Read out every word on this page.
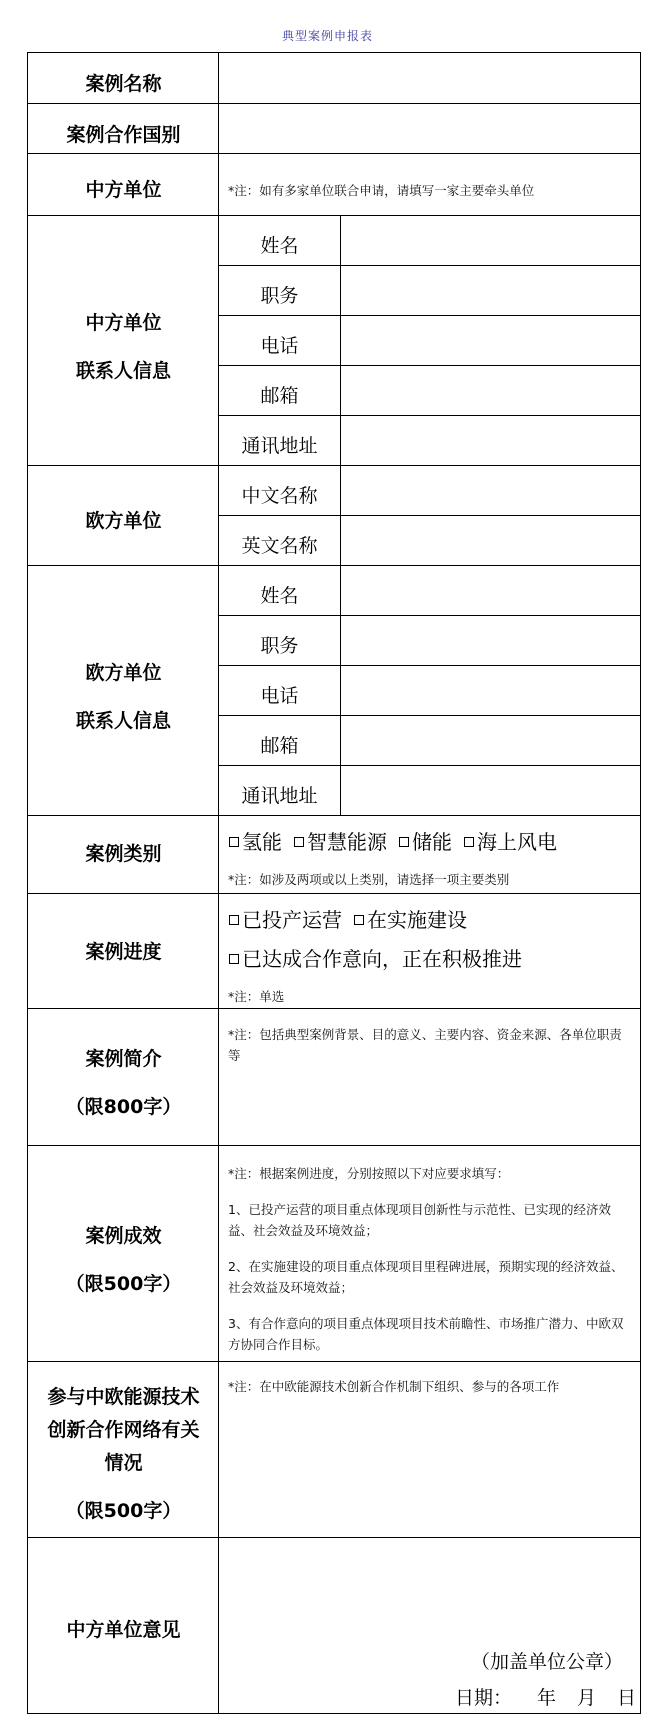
典型案例申报表
案例名称
案例合作国别
中方单位
中方单位
联系人信息
欧方单位
欧方单位
联系人信息
案例类别
案例进度
案例简介
（限800字）
案例成效
（限500字）
参与中欧能源技术
创新合作网络有关
情况
（限500字）
中方单位意见
姓名
职务
电话
邮箱
通讯地址
中文名称
英文名称
姓名
职务
电话
邮箱
通讯地址
*注：如有多家单位联合申请，请填写一家主要牵头单位
氢能 智慧能源 储能 海上风电
*注：如涉及两项或以上类别，请选择一项主要类别
已投产运营 在实施建设
已达成合作意向，正在积极推进
*注：单选
*注：包括典型案例背景、目的意义、主要内容、资金来源、各单位职责等
*注：根据案例进度，分别按照以下对应要求填写：
1、已投产运营的项目重点体现项目创新性与示范性、已实现的经济效益、社会效益及环境效益；
2、在实施建设的项目重点体现项目里程碑进展，预期实现的经济效益、社会效益及环境效益；
3、有合作意向的项目重点体现项目技术前瞻性、市场推广潜力、中欧双方协同合作目标。
*注：在中欧能源技术创新合作机制下组织、参与的各项工作
（加盖单位公章）
日期： 年 月 日
